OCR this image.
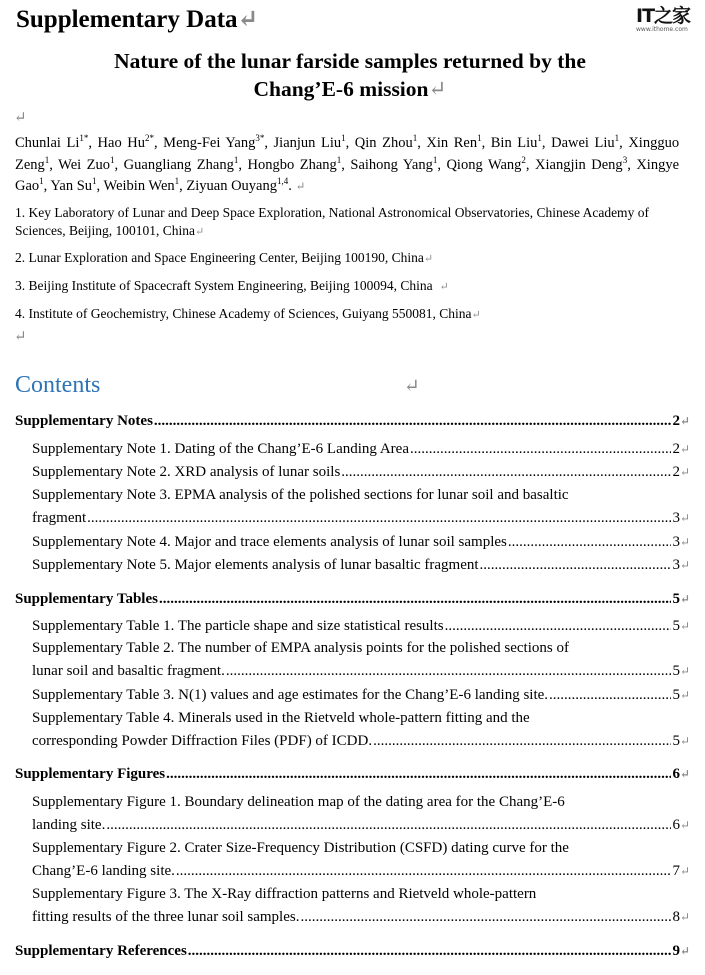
Supplementary Data↵	IT之家
www.ithome.com
Nature of the lunar farside samples returned by the
Chang’E-6 mission↵
↵
Chunlai $Li^{1*}$, Hao $Hu^{2*}$, Meng-Fei Yang$^{3*}$, Jianjun Liu$^1$, Qin Zhou$^1$, Xin Ren$^1$, Bin Liu$^1$, Dawei Liu$^1$, Xingguo Zeng$^1$, Wei Zuo$^1$, Guangliang Zhang$^1$, Hongbo Zhang$^1$, Saihong Yang$^1$, Qiong Wang$^2$, Xiangjin Deng$^3$, Xingye Gao$^1$, Yan Su$^1$, Weibin Wen$^1$, Ziyuan Ouyang$^{1,4}$. ↵
1. Key Laboratory of Lunar and Deep Space Exploration, National Astronomical Observatories, Chinese Academy of Sciences, Beijing, 100101, China↵
2. Lunar Exploration and Space Engineering Center, Beijing 100190, China↵
3. Beijing Institute of Spacecraft System Engineering, Beijing 100094, China ↵
4. Institute of Geochemistry, Chinese Academy of Sciences, Guiyang 550081, China↵
↵
Contents	↵
Supplementary Notes .....	2↵
Supplementary Note 1. Dating of the Chang’E-6 Landing Area .....	2↵
Supplementary Note 2. XRD analysis of lunar soils .....	2↵
Supplementary Note 3. EPMA analysis of the polished sections for lunar soil and basaltic
fragment .....	3↵
Supplementary Note 4. Major and trace elements analysis of lunar soil samples .....	3↵
Supplementary Note 5. Major elements analysis of lunar basaltic fragment .....	3↵
Supplementary Tables .....	5↵
Supplementary Table 1. The particle shape and size statistical results .....	5↵
Supplementary Table 2. The number of EMPA analysis points for the polished sections of
lunar soil and basaltic fragment. .....	5↵
Supplementary Table 3. N(1) values and age estimates for the Chang’E-6 landing site. .....	5↵
Supplementary Table 4. Minerals used in the Rietveld whole-pattern fitting and the
corresponding Powder Diffraction Files (PDF) of ICDD. .....	5↵
Supplementary Figures .....	6↵
Supplementary Figure 1. Boundary delineation map of the dating area for the Chang’E-6
landing site. .....	6↵
Supplementary Figure 2. Crater Size-Frequency Distribution (CSFD) dating curve for the
Chang’E-6 landing site. .....	7↵
Supplementary Figure 3. The X-Ray diffraction patterns and Rietveld whole-pattern
fitting results of the three lunar soil samples. .....	8↵
Supplementary References .....	9↵
